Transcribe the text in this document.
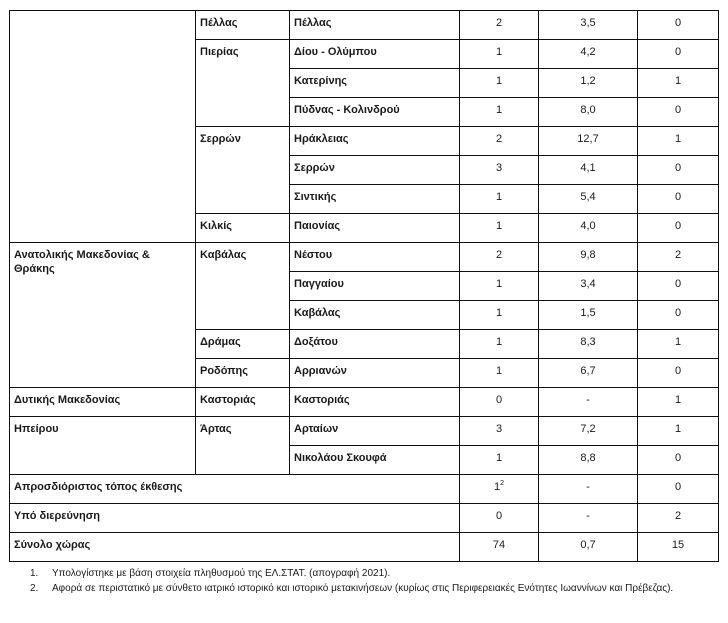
	Πέλλας	Πέλλας	2	3,5	0
	Πιερίας	Δίου - Ολύμπου	1	4,2	0
		Κατερίνης	1	1,2	1
		Πύδνας - Κολινδρού	1	8,0	0
	Σερρών	Ηράκλειας	2	12,7	1
		Σερρών	3	4,1	0
		Σιντικής	1	5,4	0
	Κιλκίς	Παιονίας	1	4,0	0
Ανατολικής Μακεδονίας & Θράκης	Καβάλας	Νέστου	2	9,8	2
		Παγγαίου	1	3,4	0
		Καβάλας	1	1,5	0
	Δράμας	Δοξάτου	1	8,3	1
	Ροδόπης	Αρριανών	1	6,7	0
Δυτικής Μακεδονίας	Καστοριάς	Καστοριάς	0	-	1
Ηπείρου	Άρτας	Αρταίων	3	7,2	1
		Νικολάου Σκουφά	1	8,8	0
Απροσδιόριστος τόπος έκθεσης			$1^2$	-	0
Υπό διερεύνηση			0	-	2
Σύνολο χώρας			74	0,7	15
1.	Υπολογίστηκε με βάση στοιχεία πληθυσμού της ΕΛ.ΣΤΑΤ. (απογραφή 2021).
2.	Αφορά σε περιστατικό με σύνθετο ιατρικό ιστορικό και ιστορικό μετακινήσεων (κυρίως στις Περιφερειακές Ενότητες Ιωαννίνων και Πρέβεζας).
